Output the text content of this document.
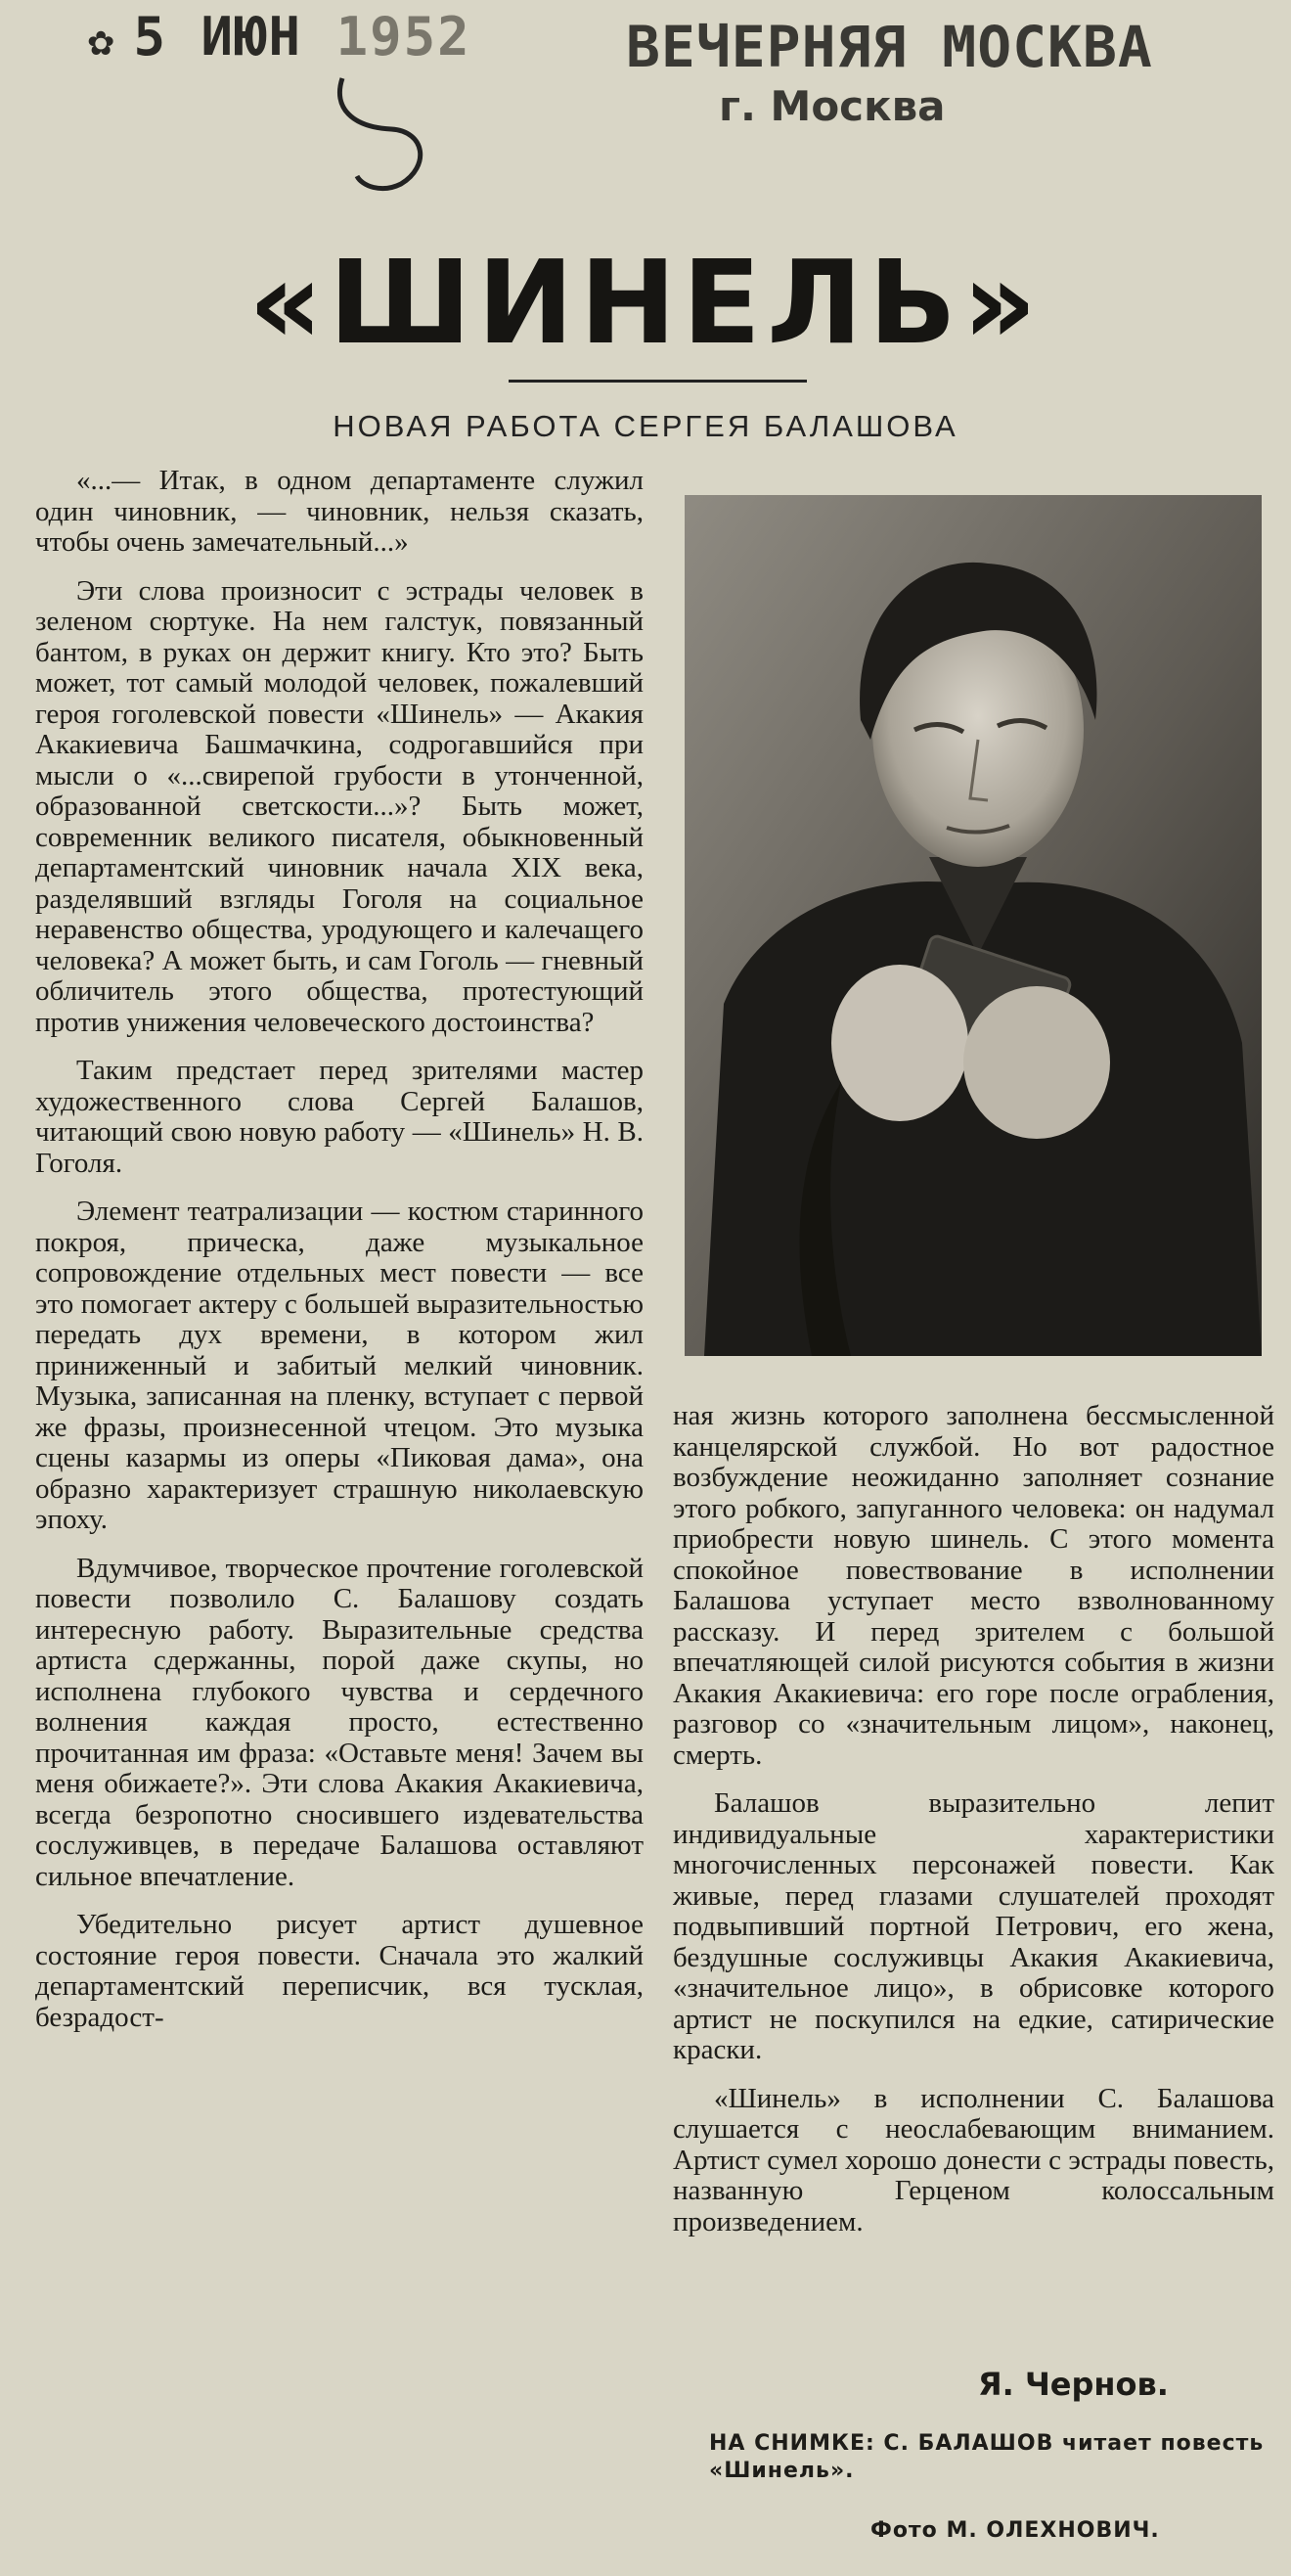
✿ 5 ИЮН 1952	ВЕЧЕРНЯЯ МОСКВА
г. Москва
«ШИНЕЛЬ»
НОВАЯ РАБОТА СЕРГЕЯ БАЛАШОВА

«...— Итак, в одном департаменте служил один чиновник, — чиновник, нельзя сказать, чтобы очень замечательный...»

Эти слова произносит с эстрады человек в зеленом сюртуке. На нем галстук, повязанный бантом, в руках он держит книгу. Кто это? Быть может, тот самый молодой человек, пожалевший героя гоголевской повести «Шинель» — Акакия Акакиевича Башмачкина, содрогавшийся при мысли о «...свирепой грубости в утонченной, образованной светскости...»? Быть может, современник великого писателя, обыкновенный департаментский чиновник начала XIX века, разделявший взгляды Гоголя на социальное неравенство общества, уродующего и калечащего человека? А может быть, и сам Гоголь — гневный обличитель этого общества, протестующий против унижения человеческого достоинства?

Таким предстает перед зрителями мастер художественного слова Сергей Балашов, читающий свою новую работу — «Шинель» Н. В. Гоголя.

Элемент театрализации — костюм старинного покроя, прическа, даже музыкальное сопровождение отдельных мест повести — все это помогает актеру с большей выразительностью передать дух времени, в котором жил приниженный и забитый мелкий чиновник. Музыка, записанная на пленку, вступает с первой же фразы, произнесенной чтецом. Это музыка сцены казармы из оперы «Пиковая дама», она образно характеризует страшную николаевскую эпоху.

Вдумчивое, творческое прочтение гоголевской повести позволило С. Балашову создать интересную работу. Выразительные средства артиста сдержанны, порой даже скупы, но исполнена глубокого чувства и сердечного волнения каждая просто, естественно прочитанная им фраза: «Оставьте меня! Зачем вы меня обижаете?». Эти слова Акакия Акакиевича, всегда безропотно сносившего издевательства сослуживцев, в передаче Балашова оставляют сильное впечатление.

Убедительно рисует артист душевное состояние героя повести. Сначала это жалкий департаментский переписчик, вся тусклая, безрадост-

ная жизнь которого заполнена бессмысленной канцелярской службой. Но вот радостное возбуждение неожиданно заполняет сознание этого робкого, запуганного человека: он надумал приобрести новую шинель. С этого момента спокойное повествование в исполнении Балашова уступает место взволнованному рассказу. И перед зрителем с большой впечатляющей силой рисуются события в жизни Акакия Акакиевича: его горе после ограбления, разговор со «значительным лицом», наконец, смерть.

Балашов выразительно лепит индивидуальные характеристики многочисленных персонажей повести. Как живые, перед глазами слушателей проходят подвыпивший портной Петрович, его жена, бездушные сослуживцы Акакия Акакиевича, «значительное лицо», в обрисовке которого артист не поскупился на едкие, сатирические краски.

«Шинель» в исполнении С. Балашова слушается с неослабевающим вниманием. Артист сумел хорошо донести с эстрады повесть, названную Герценом колоссальным произведением.

Я. Чернов.
НА СНИМКЕ: С. БАЛАШОВ читает повесть «Шинель».
Фото М. ОЛЕХНОВИЧ.
